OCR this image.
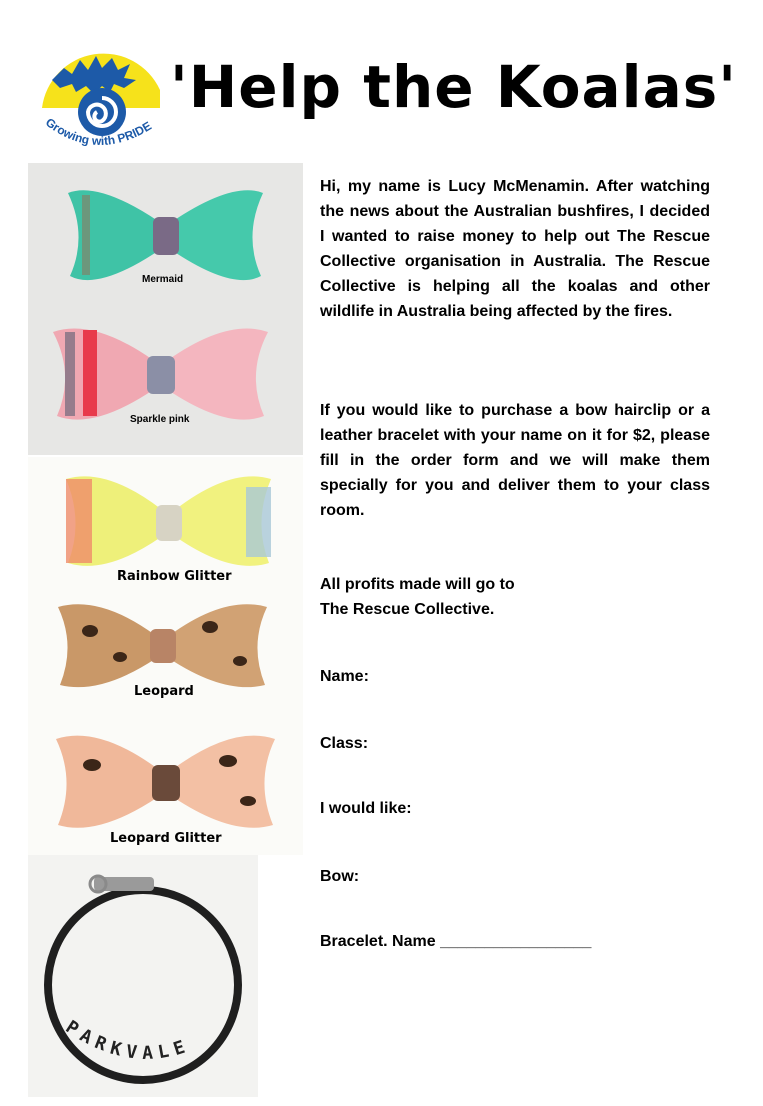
Growing with PRIDE
'Help the Koalas'
Mermaid
Sparkle pink
Rainbow Glitter
Leopard
Leopard Glitter
PARKVALE
Hi, my name is Lucy McMenamin. After watching the news about the Australian bushfires, I decided I wanted to raise money to help out The Rescue Collective organisation in Australia. The Rescue Collective is helping all the koalas and other wildlife in Australia being affected by the fires.
If you would like to purchase a bow hairclip or a leather bracelet with your name on it for $2, please fill in the order form and we will make them specially for you and deliver them to your class room.
All profits made will go to
The Rescue Collective.
Name:
Class:
I would like:
Bow:
Bracelet. Name _________________
